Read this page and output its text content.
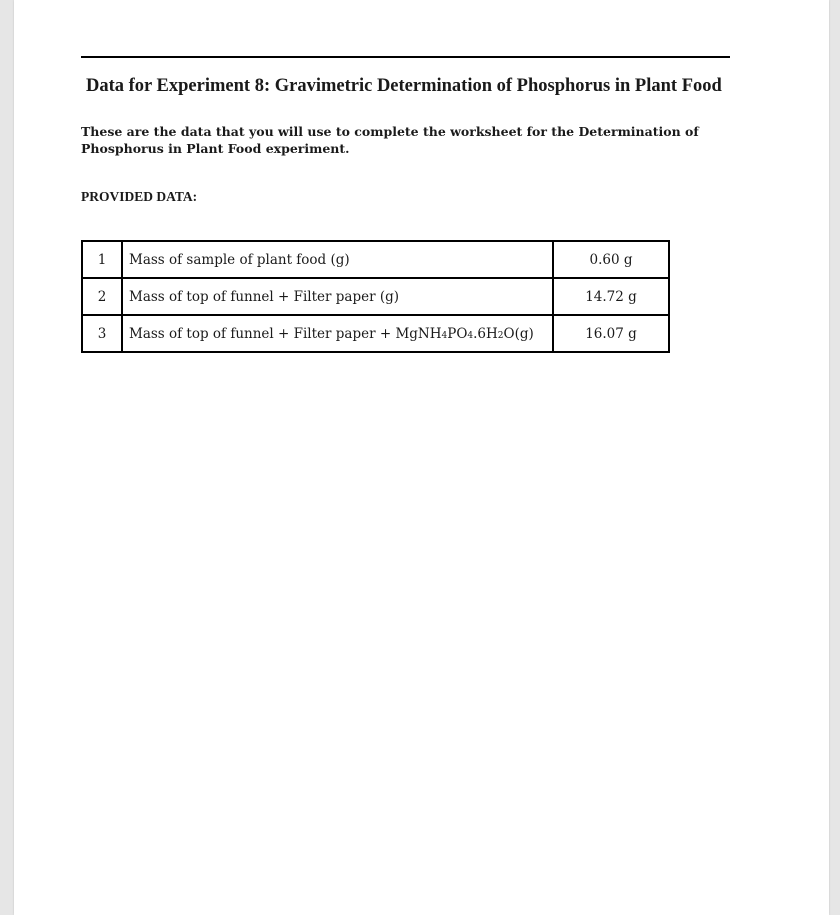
Data for Experiment 8: Gravimetric Determination of Phosphorus in Plant Food

These are the data that you will use to complete the worksheet for the Determination of Phosphorus in Plant Food experiment.

PROVIDED DATA:

1	Mass of sample of plant food (g)	0.60 g
2	Mass of top of funnel + Filter paper (g)	14.72 g
3	Mass of top of funnel + Filter paper + MgNH4PO4.6H2O(g)	16.07 g
